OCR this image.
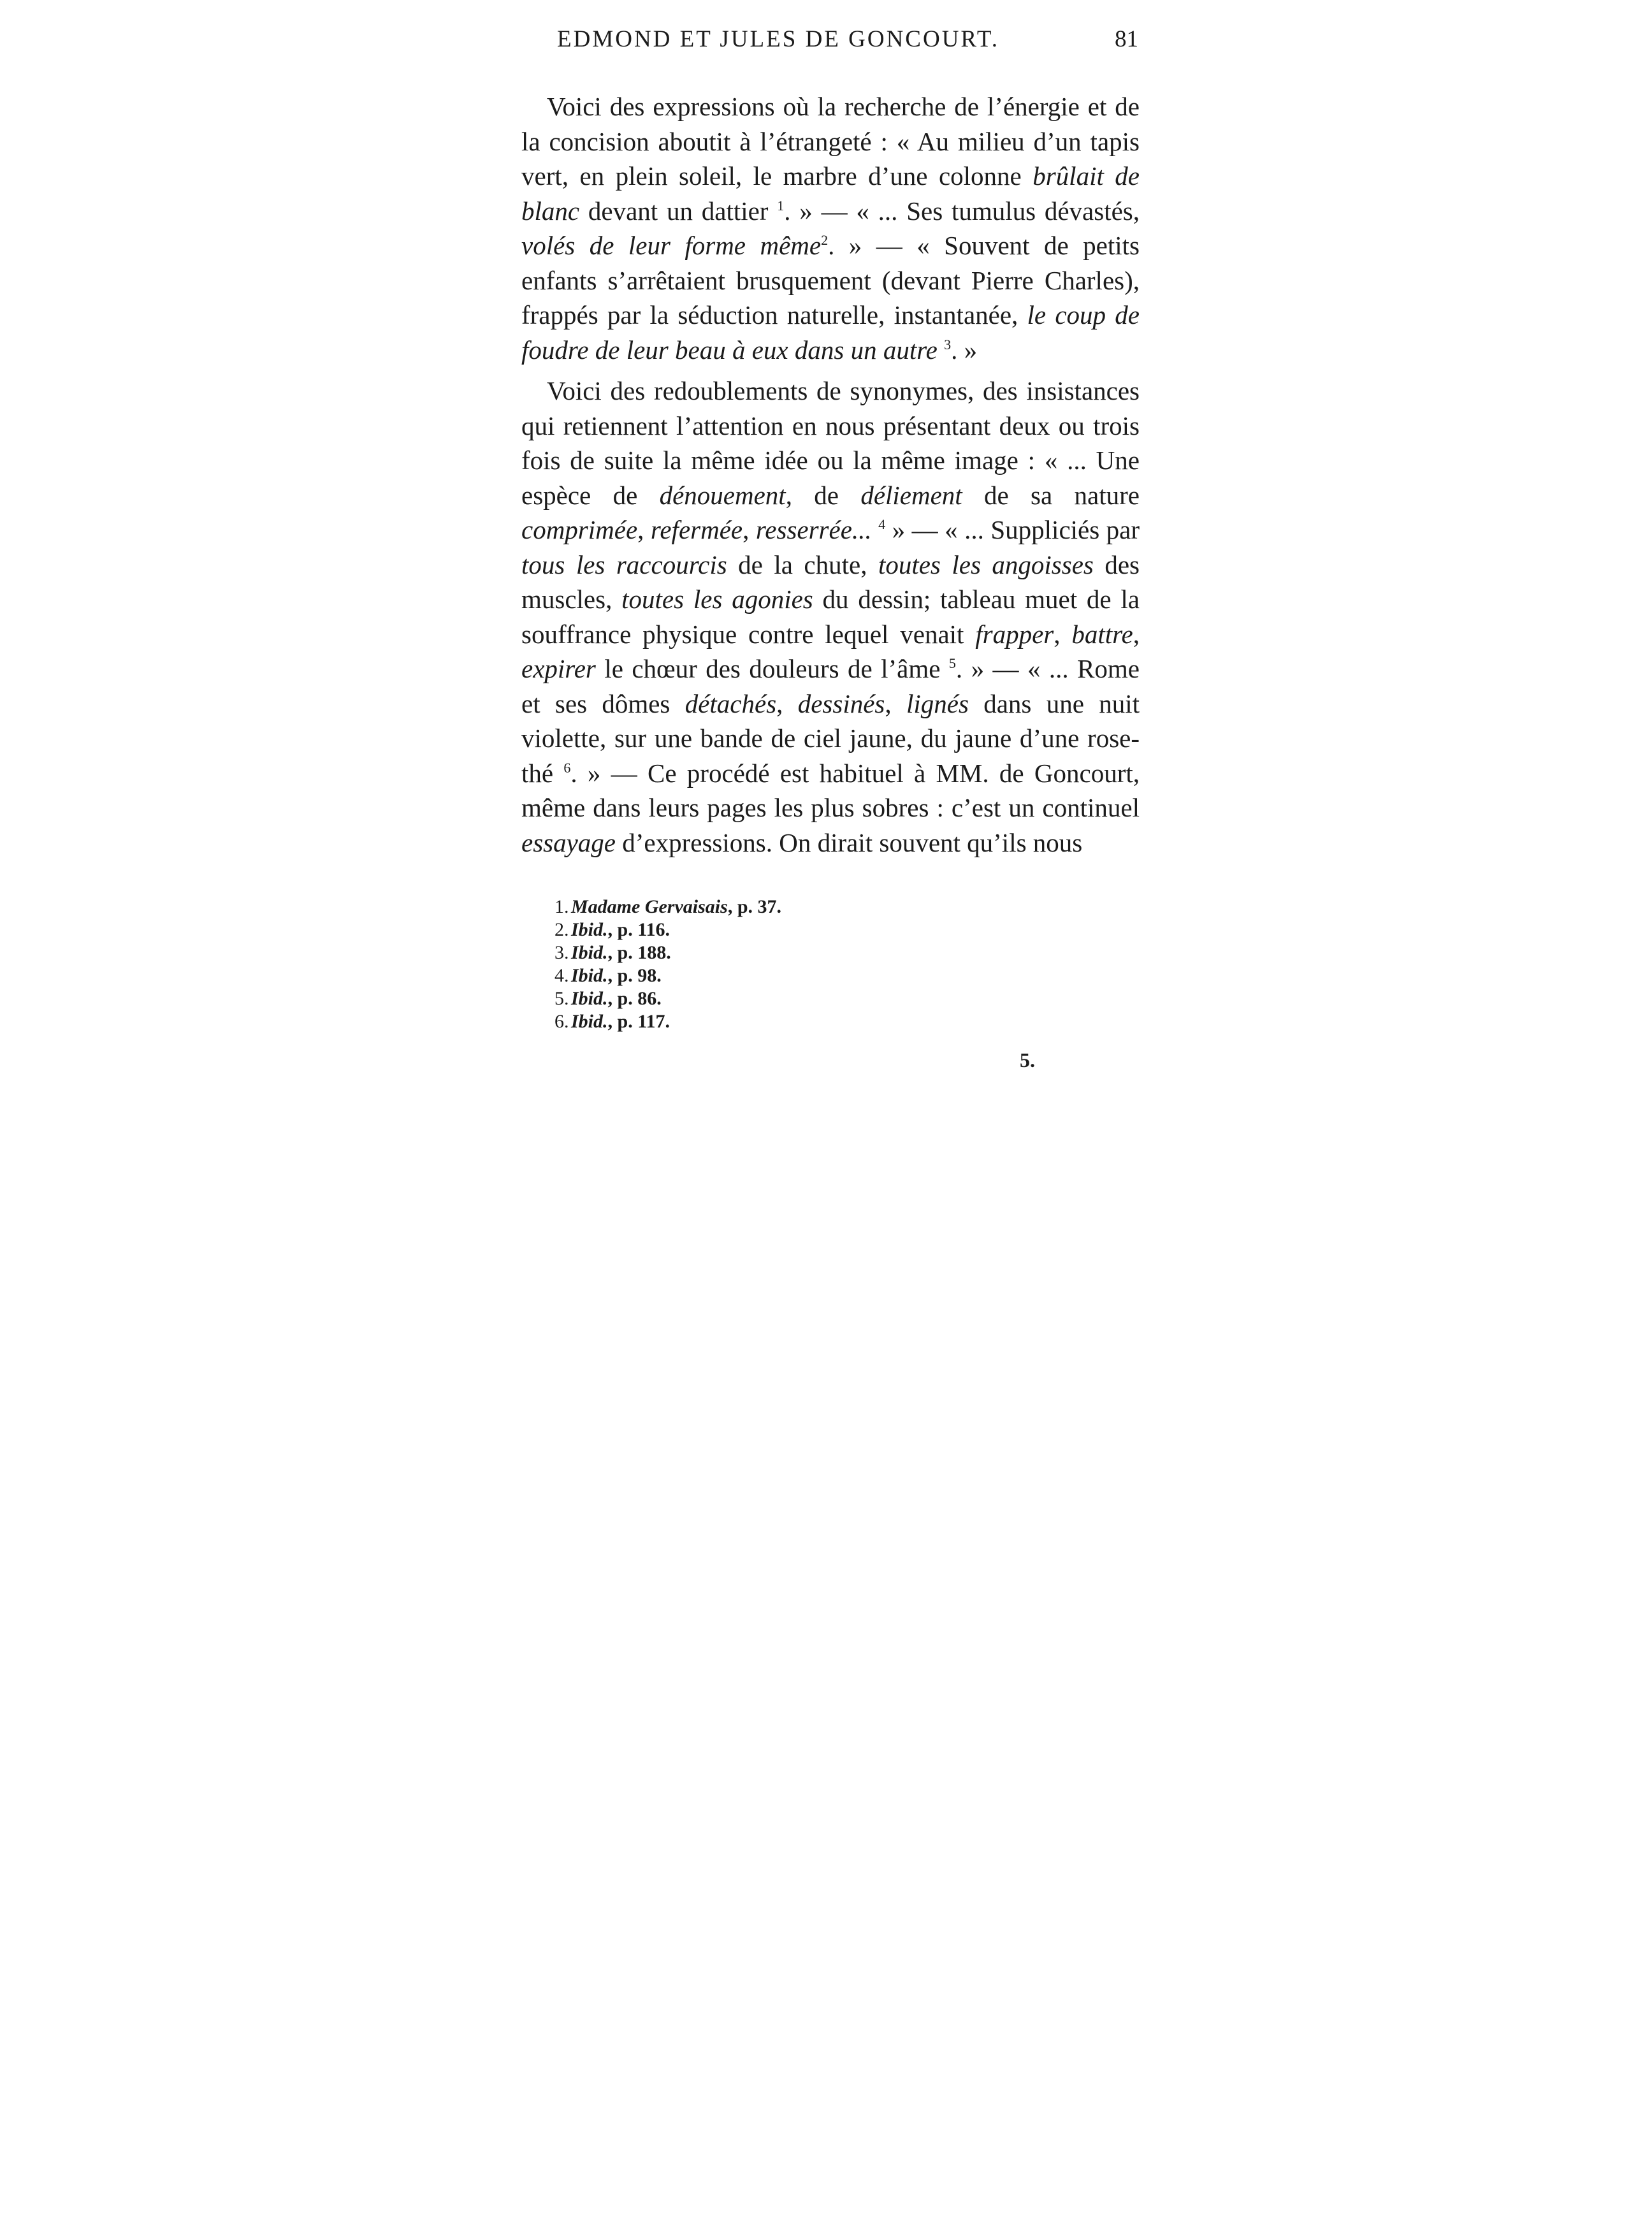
EDMOND ET JULES DE GONCOURT.	81

Voici des expressions où la recherche de l’énergie et de la concision aboutit à l’étrangeté : « Au milieu d’un tapis vert, en plein soleil, le marbre d’une colonne brûlait de blanc devant un dattier $^1$. » — « ... Ses tumulus dévastés, volés de leur forme même$^2$. » — « Souvent de petits enfants s’arrêtaient brusquement (devant Pierre Charles), frappés par la séduction naturelle, instantanée, le coup de foudre de leur beau à eux dans un autre $^3$. »

Voici des redoublements de synonymes, des insistances qui retiennent l’attention en nous présentant deux ou trois fois de suite la même idée ou la même image : « ... Une espèce de dénouement, de déliement de sa nature comprimée, refermée, resserrée... $^4$ » — « ... Suppliciés par tous les raccourcis de la chute, toutes les angoisses des muscles, toutes les agonies du dessin; tableau muet de la souffrance physique contre lequel venait frapper, battre, expirer le chœur des douleurs de l’âme $^5$. » — « ... Rome et ses dômes détachés, dessinés, lignés dans une nuit violette, sur une bande de ciel jaune, du jaune d’une rose-thé $^6$. » — Ce procédé est habituel à MM. de Goncourt, même dans leurs pages les plus sobres : c’est un continuel essayage d’expressions. On dirait souvent qu’ils nous

1. Madame Gervaisais, p. 37.
2. Ibid., p. 116.
3. Ibid., p. 188.
4. Ibid., p. 98.
5. Ibid., p. 86.
6. Ibid., p. 117.
5.
